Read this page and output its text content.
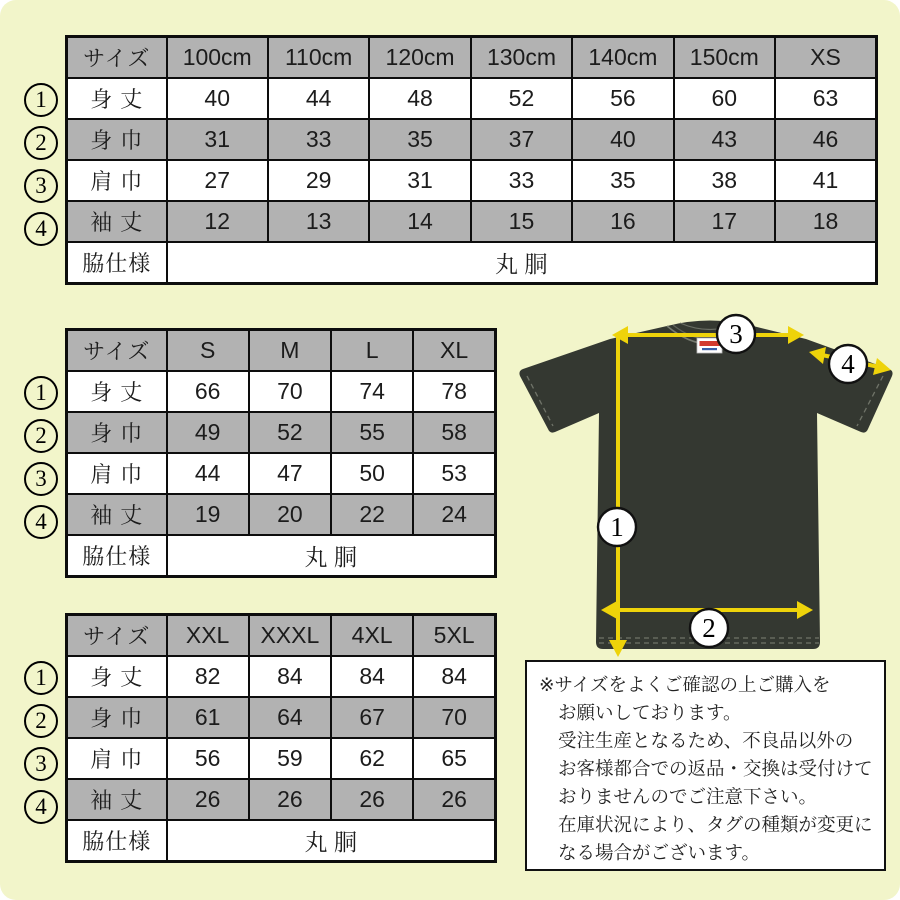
サイズ	100cm	110cm	120cm	130cm	140cm	150cm	XS
身 丈	40	44	48	52	56	60	63
身 巾	31	33	35	37	40	43	46
肩 巾	27	29	31	33	35	38	41
袖 丈	12	13	14	15	16	17	18
脇仕様	丸 胴						
サイズ	S	M	L	XL
身 丈	66	70	74	78
身 巾	49	52	55	58
肩 巾	44	47	50	53
袖 丈	19	20	22	24
脇仕様	丸 胴			
サイズ	XXL	XXXL	4XL	5XL
身 丈	82	84	84	84
身 巾	61	64	67	70
肩 巾	56	59	62	65
袖 丈	26	26	26	26
脇仕様	丸 胴			
3
4
1
2
※サイズをよくご確認の上ご購入を
お願いしております。
受注生産となるため、不良品以外の
お客様都合での返品・交換は受付けて
おりませんのでご注意下さい。
在庫状況により、タグの種類が変更に
なる場合がございます。
1
2
3
4
1
2
3
4
1
2
3
4
